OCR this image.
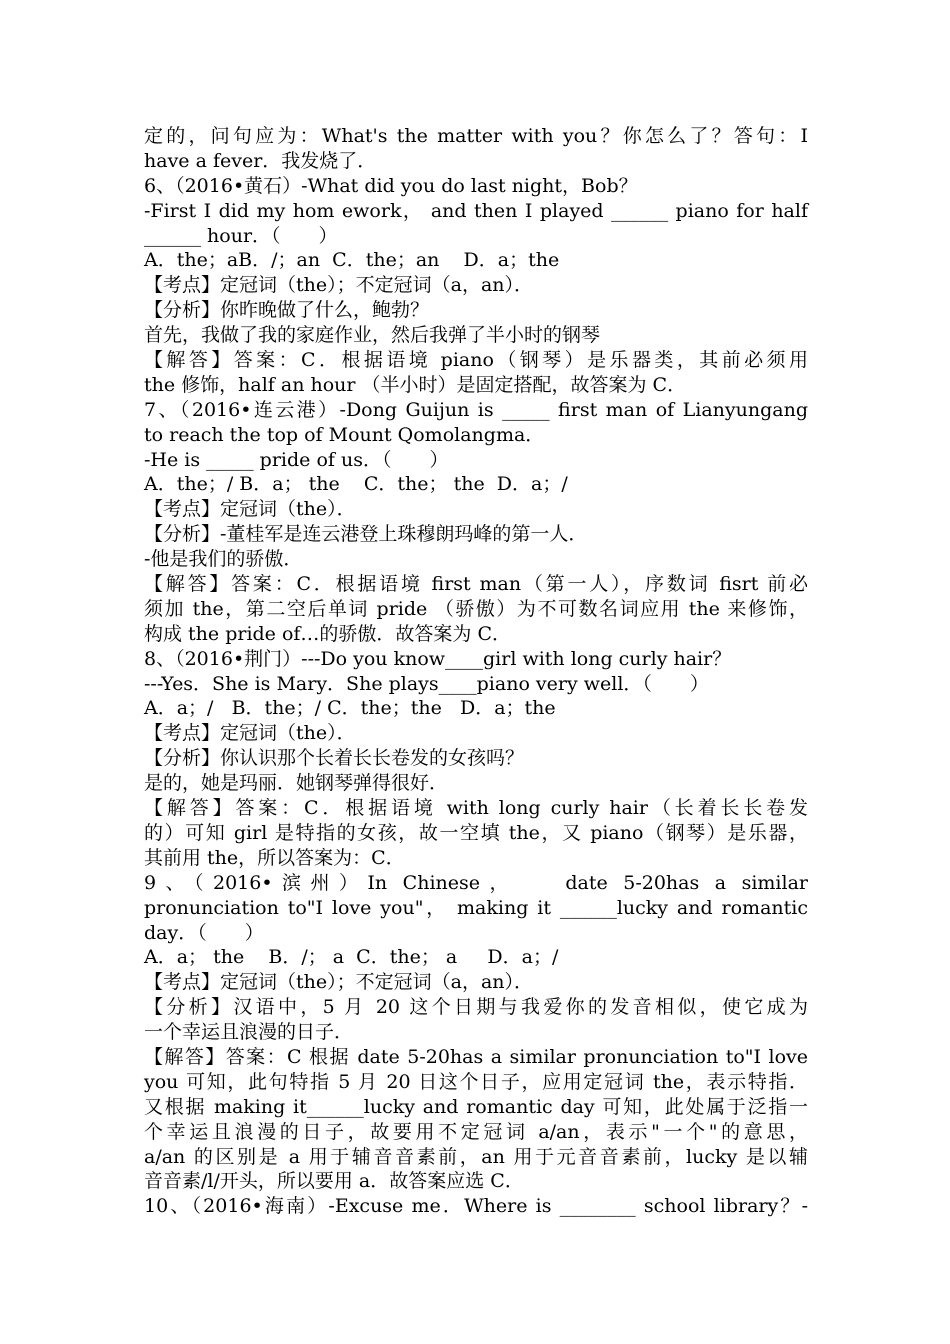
定的，问句应为：What's the matter with you？你怎么了？答句：I
have a fever．我发烧了．
6、（2016•黄石）-What did you do last night，Bob？
-First I did my hom ework， and then I played ______ piano for half
______ hour．（　　）
A．the；aB．/；an  C．the；an    D．a；the
【考点】定冠词（the）；不定冠词（a，an）．
【分析】你昨晚做了什么，鲍勃？
首先，我做了我的家庭作业，然后我弹了半小时的钢琴
【解答】答案：C．根据语境 piano（钢琴）是乐器类，其前必须用
the 修饰，half an hour （半小时）是固定搭配，故答案为 C．
7、（2016•连云港）-Dong Guijun is _____ first man of Lianyungang
to reach the top of Mount Qomolangma．
-He is _____ pride of us．（　　）
A．the；/ B．a； the    C．the； the  D．a；/
【考点】定冠词（the）．
【分析】-董桂军是连云港登上珠穆朗玛峰的第一人．
-他是我们的骄傲．
【解答】答案：C．根据语境 first man（第一人），序数词 fisrt 前必
须加 the，第二空后单词 pride （骄傲）为不可数名词应用 the 来修饰，
构成 the pride of…的骄傲．故答案为 C．
8、（2016•荆门）---Do you know____girl with long curly hair？
---Yes．She is Mary．She plays____piano very well．（　　）
A．a；/   B．the；/ C．the；the   D．a；the
【考点】定冠词（the）．
【分析】你认识那个长着长长卷发的女孩吗？
是的，她是玛丽．她钢琴弹得很好．
【解答】答案：C．根据语境 with long curly hair（长着长长卷发
的）可知 girl 是特指的女孩，故一空填 the，又 piano（钢琴）是乐器，
其前用 the，所以答案为：C．
9、（2016•滨州）In Chinese，　　date 5-20has a similar
pronunciation to"I love you"， making it ______lucky and romantic
day．（　　）
A．a； the    B．/； a  C．the； a     D．a；/
【考点】定冠词（the）；不定冠词（a，an）．
【分析】汉语中，5 月 20 这个日期与我爱你的发音相似，使它成为
一个幸运且浪漫的日子．
【解答】答案：C 根据 date 5-20has a similar pronunciation to"I love
you 可知，此句特指 5 月 20 日这个日子，应用定冠词 the，表示特指．
又根据 making it______lucky and romantic day 可知，此处属于泛指一
个幸运且浪漫的日子，故要用不定冠词 a/an，表示"一个"的意思，
a/an 的区别是 a 用于辅音音素前，an 用于元音音素前，lucky 是以辅
音音素/l/开头，所以要用 a．故答案应选 C．
10、（2016•海南）-Excuse me．Where is ________ school library？-
